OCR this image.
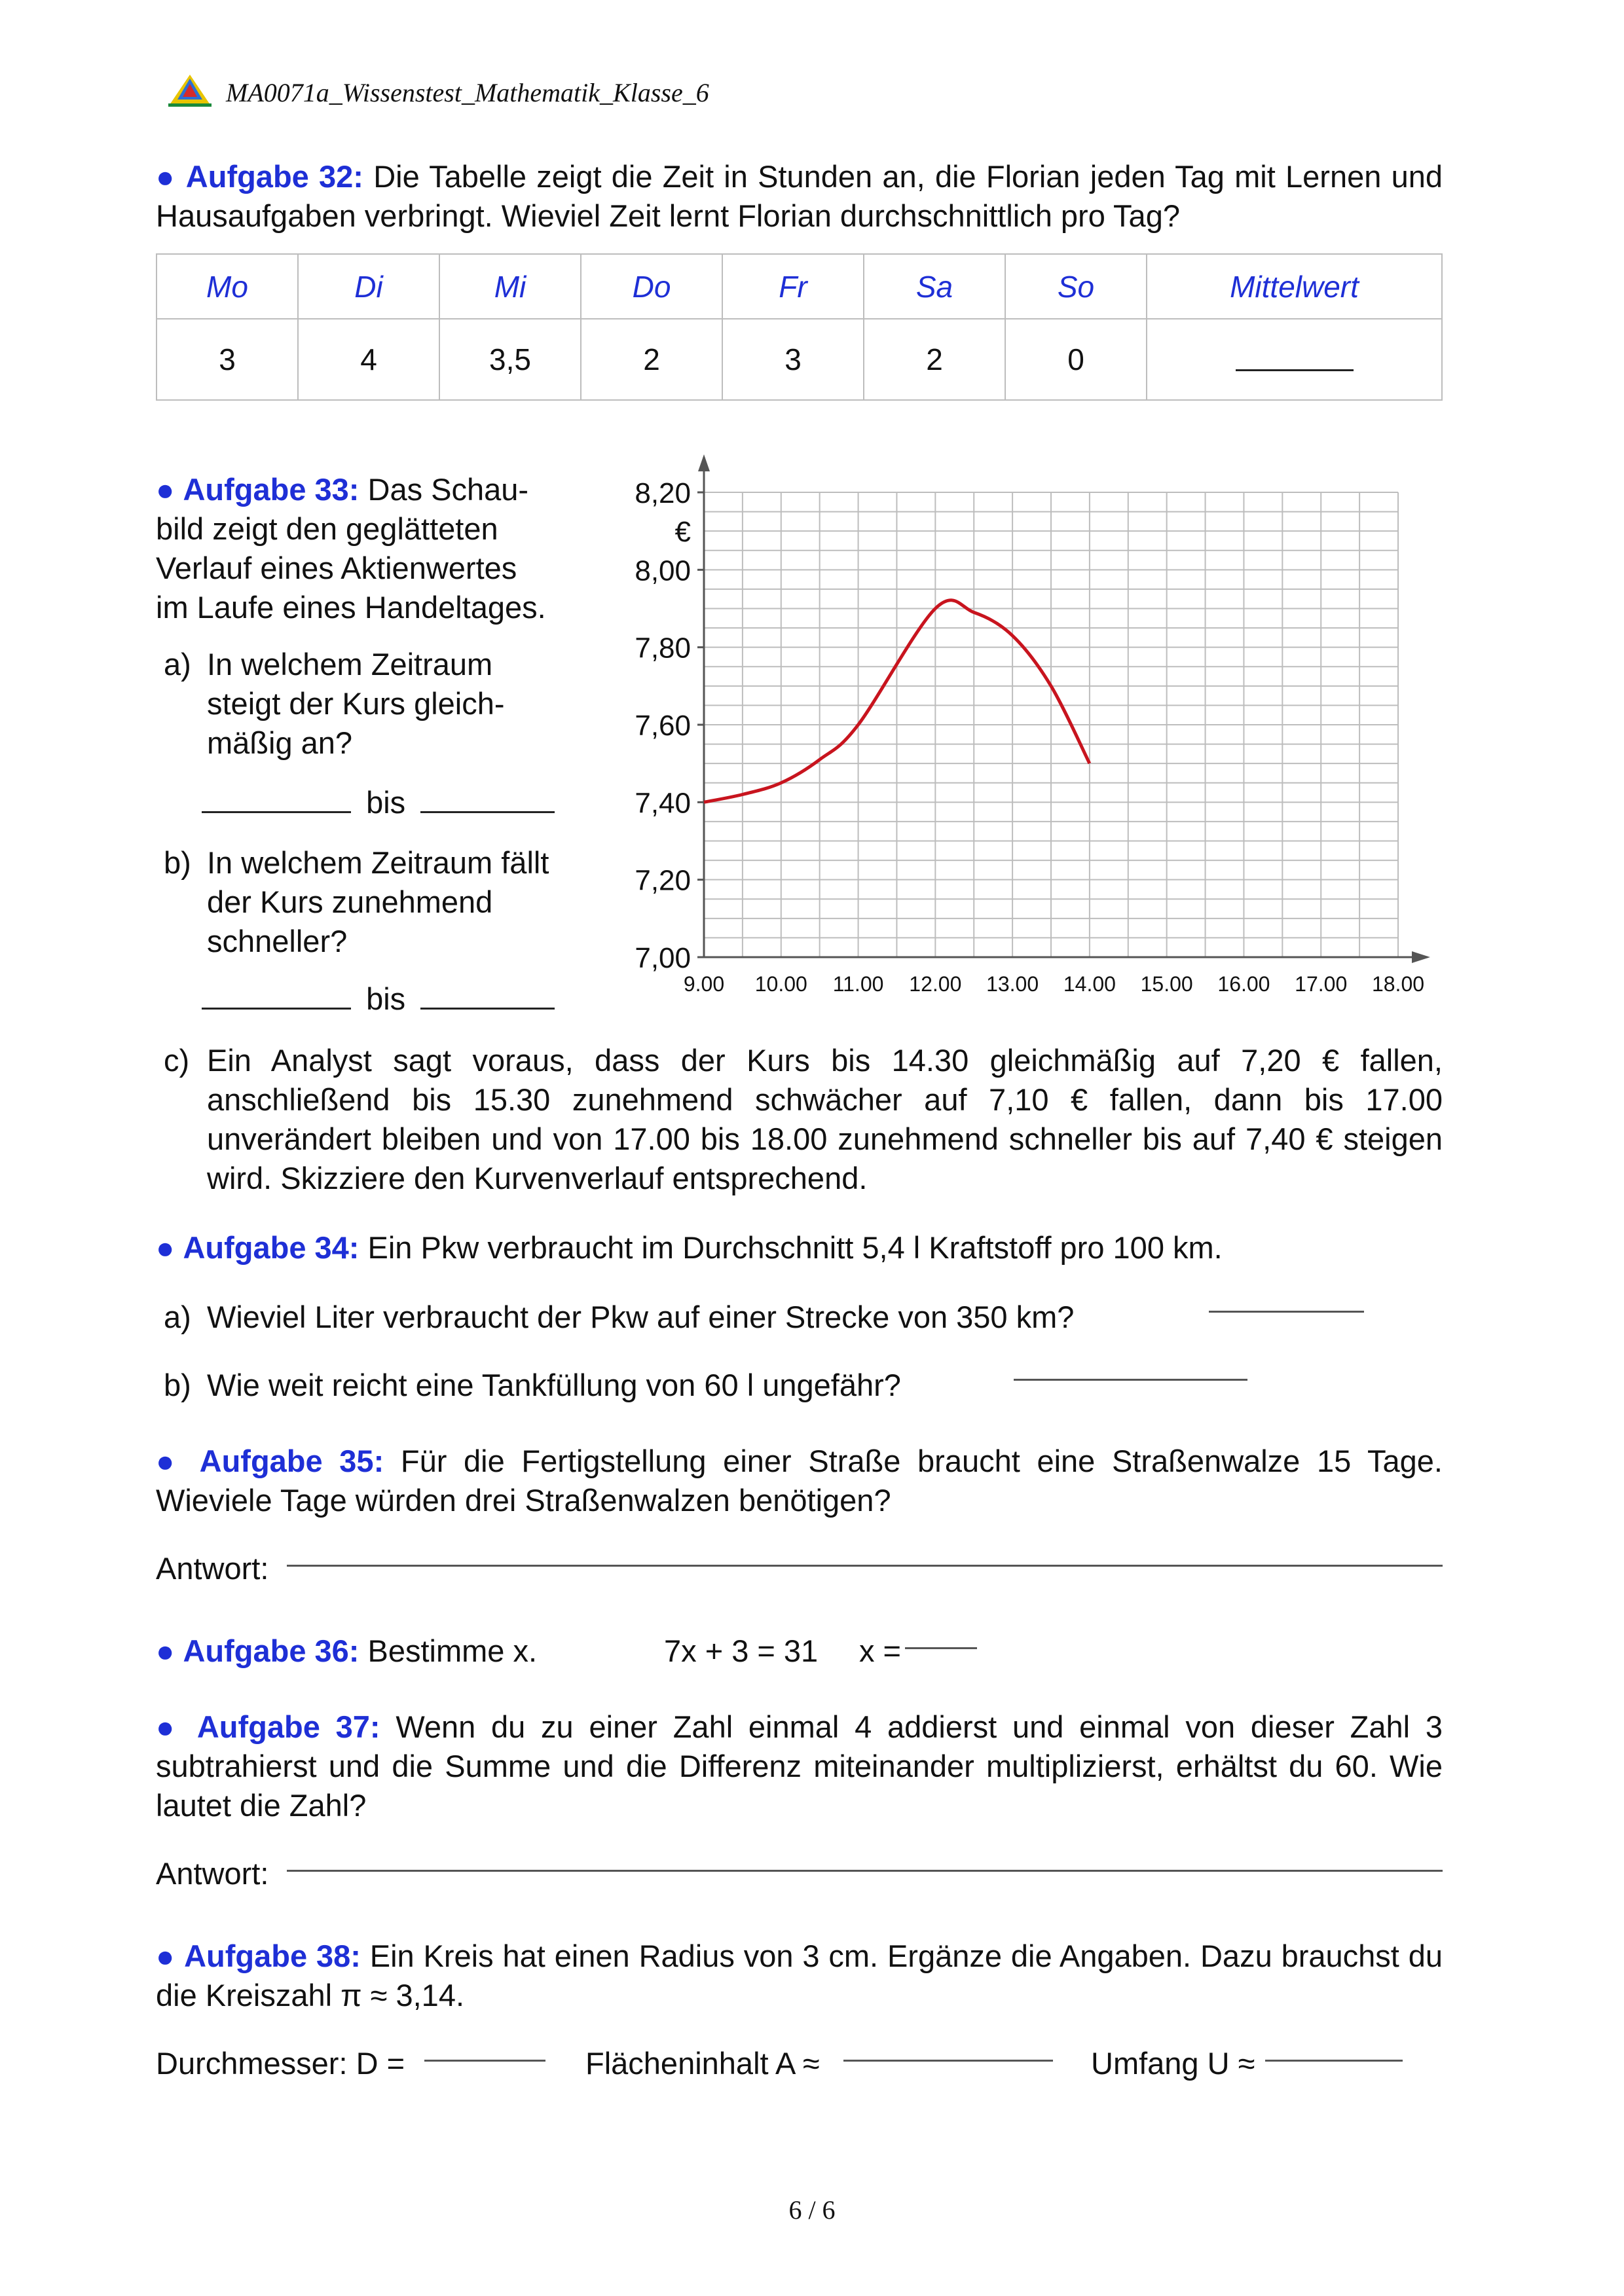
MA0071a_Wissenstest_Mathematik_Klasse_6
● Aufgabe 32: Die Tabelle zeigt die Zeit in Stunden an, die Florian jeden Tag mit Lernen und Hausaufgaben verbringt. Wieviel Zeit lernt Florian durchschnittlich pro Tag?
Mo	Di	Mi	Do	Fr	Sa	So	Mittelwert
3	4	3,5	2	3	2	0	
● Aufgabe 33: Das Schau-
bild zeigt den geglätteten
Verlauf eines Aktienwertes
im Laufe eines Handeltages.
a) In welchem Zeitraum
steigt der Kurs gleich-
mäßig an?
bis
b) In welchem Zeitraum fällt
der Kurs zunehmend
schneller?
bis
7,00
7,20
7,40
7,60
7,80
8,00
8,20
€
9.00 10.00 11.00 12.00 13.00 14.00 15.00 16.00 17.00 18.00
c) Ein Analyst sagt voraus, dass der Kurs bis 14.30 gleichmäßig auf 7,20 € fallen, anschließend bis 15.30 zunehmend schwächer auf 7,10 € fallen, dann bis 17.00 unverändert bleiben und von 17.00 bis 18.00 zunehmend schneller bis auf 7,40 € steigen wird. Skizziere den Kurvenverlauf entsprechend.
● Aufgabe 34: Ein Pkw verbraucht im Durchschnitt 5,4 l Kraftstoff pro 100 km.
a) Wieviel Liter verbraucht der Pkw auf einer Strecke von 350 km?
b) Wie weit reicht eine Tankfüllung von 60 l ungefähr?
● Aufgabe 35: Für die Fertigstellung einer Straße braucht eine Straßenwalze 15 Tage. Wieviele Tage würden drei Straßenwalzen benötigen?
Antwort:
● Aufgabe 36: Bestimme x.	7x + 3 = 31 x =
● Aufgabe 37: Wenn du zu einer Zahl einmal 4 addierst und einmal von dieser Zahl 3 subtrahierst und die Summe und die Differenz miteinander multiplizierst, erhältst du 60. Wie lautet die Zahl?
Antwort:
● Aufgabe 38: Ein Kreis hat einen Radius von 3 cm. Ergänze die Angaben. Dazu brauchst du die Kreiszahl π ≈ 3,14.
Durchmesser: D =	Flächeninhalt A ≈	Umfang U ≈
6 / 6
